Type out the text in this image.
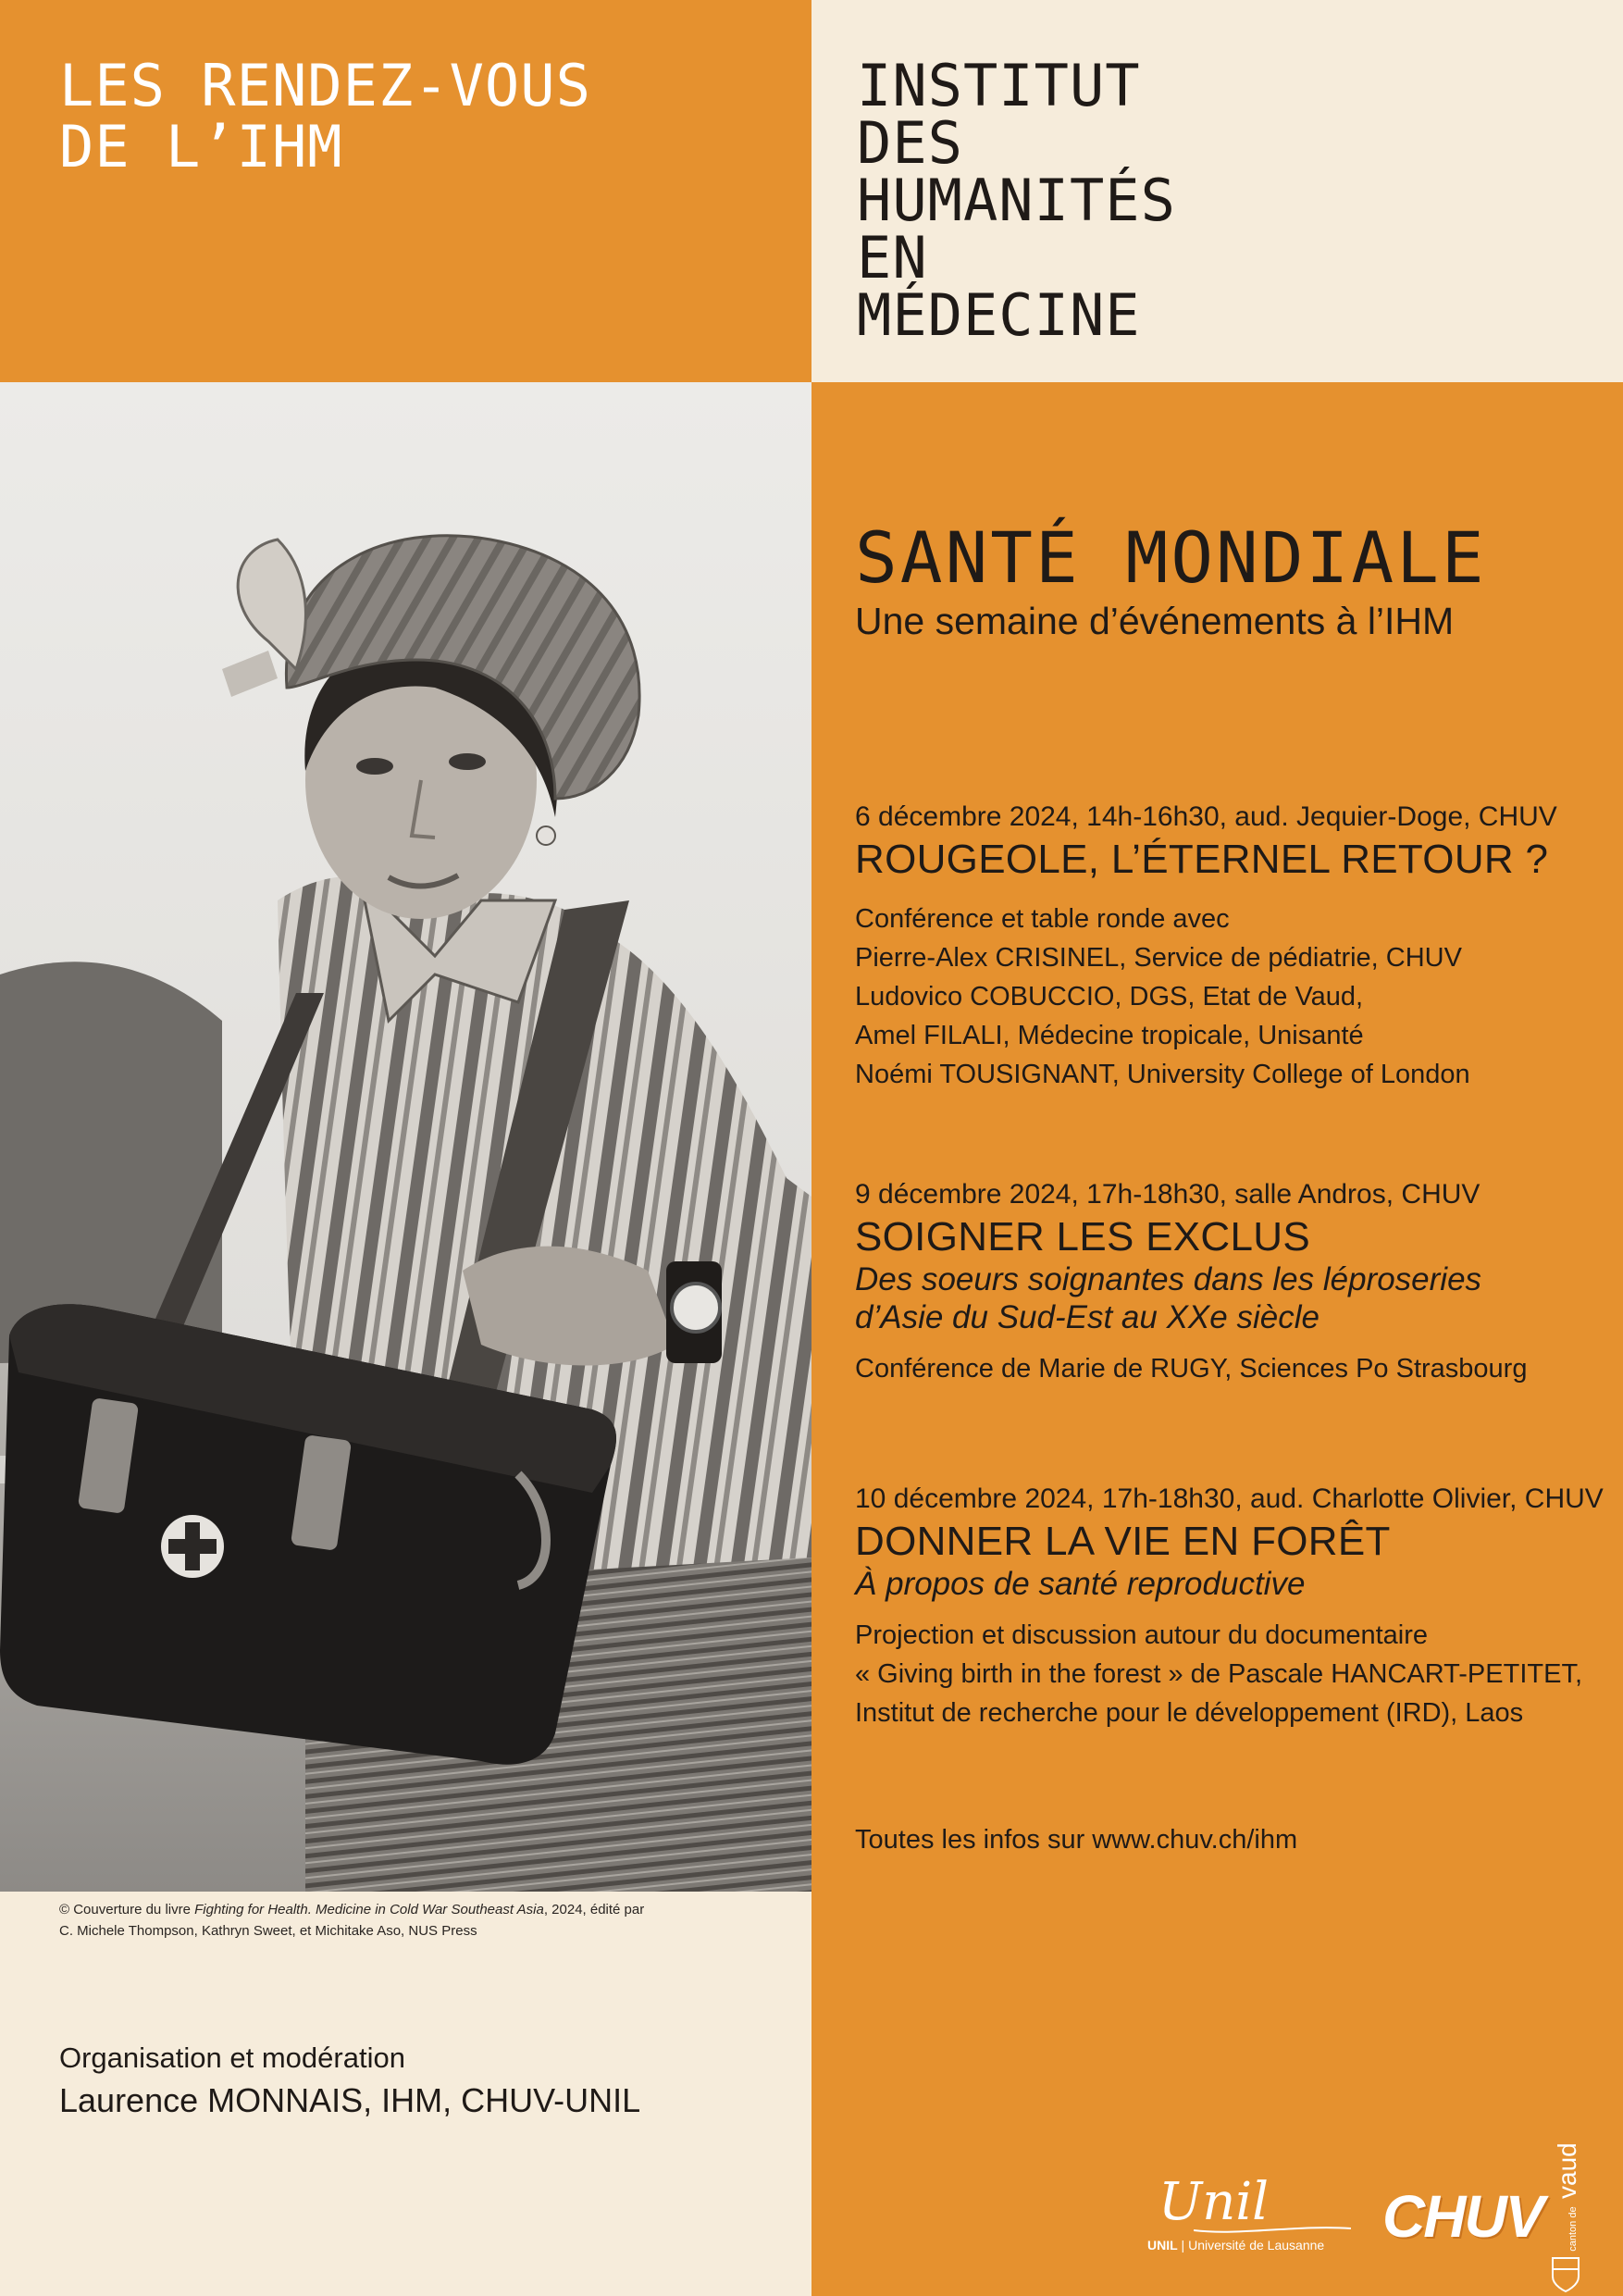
LES RENDEZ-VOUS
DE L’IHM
INSTITUT
DES
HUMANITÉS
EN
MÉDECINE
© Couverture du livre Fighting for Health. Medicine in Cold War Southeast Asia, 2024, édité par
C. Michele Thompson, Kathryn Sweet, et Michitake Aso, NUS Press
Organisation et modération
Laurence MONNAIS, IHM, CHUV-UNIL
SANTÉ MONDIALE
Une semaine d’événements à l’IHM
6 décembre 2024, 14h-16h30, aud. Jequier-Doge, CHUV
ROUGEOLE, L’ÉTERNEL RETOUR ?
Conférence et table ronde avec
Pierre-Alex CRISINEL, Service de pédiatrie, CHUV
Ludovico COBUCCIO, DGS, Etat de Vaud,
Amel FILALI, Médecine tropicale, Unisanté
Noémi TOUSIGNANT, University College of London
9 décembre 2024, 17h-18h30, salle Andros, CHUV
SOIGNER LES EXCLUS
Des soeurs soignantes dans les léproseries
d’Asie du Sud-Est au XXe siècle
Conférence de Marie de RUGY, Sciences Po Strasbourg
10 décembre 2024, 17h-18h30, aud. Charlotte Olivier, CHUV
DONNER LA VIE EN FORÊT
À propos de santé reproductive
Projection et discussion autour du documentaire
« Giving birth in the forest » de Pascale HANCART-PETITET,
Institut de recherche pour le développement (IRD), Laos
Toutes les infos sur www.chuv.ch/ihm
Unil
UNIL | Université de Lausanne CHUV	canton de vaud
